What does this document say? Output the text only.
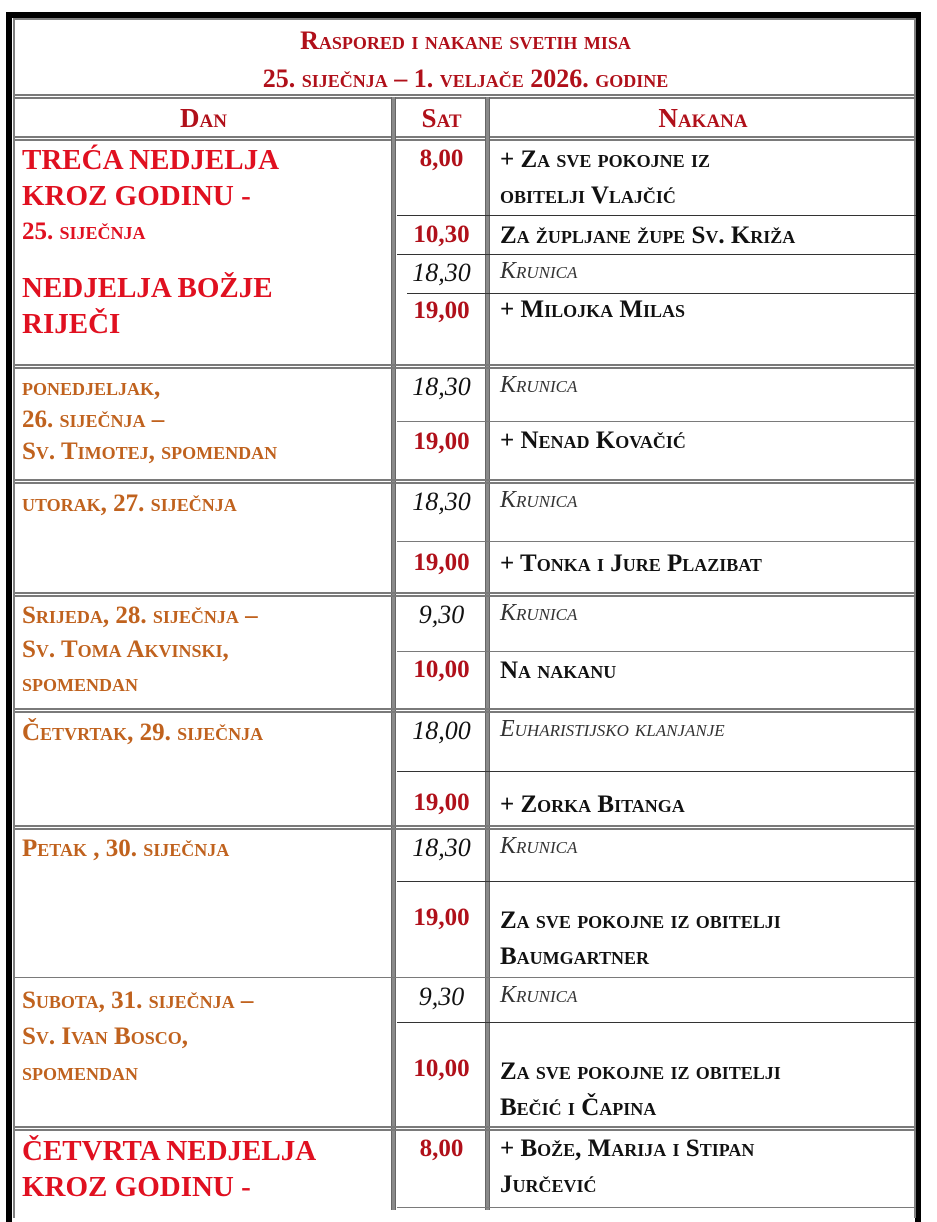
Raspored i nakane svetih misa
25. siječnja – 1. veljače 2026. godine
Dan	Sat	Nakana
TREĆA NEDJELJA
KROZ GODINU -
25. siječnja
NEDJELJA BOŽJE
RIJEČI
8,00	+ Za sve pokojne iz
obitelji Vlajčić
10,30	Za župljane župe Sv. Križa
18,30	Krunica
19,00	+ Milojka Milas
ponedjeljak,
26. siječnja –
Sv. Timotej, spomendan
18,30	Krunica
19,00	+ Nenad Kovačić
utorak, 27. siječnja	18,30	Krunica
19,00	+ Tonka i Jure Plazibat
Srijeda, 28. siječnja –
Sv. Toma Akvinski,
spomendan
9,30	Krunica
10,00	Na nakanu
Četvrtak, 29. siječnja	18,00	Euharistijsko klanjanje
19,00	+ Zorka Bitanga
Petak , 30. siječnja	18,30	Krunica
19,00	Za sve pokojne iz obitelji
Baumgartner
Subota, 31. siječnja –
Sv. Ivan Bosco,
spomendan
9,30	Krunica
10,00	Za sve pokojne iz obitelji
Bečić i Čapina
ČETVRTA NEDJELJA
KROZ GODINU -
8,00	+ Bože, Marija i Stipan
Jurčević
